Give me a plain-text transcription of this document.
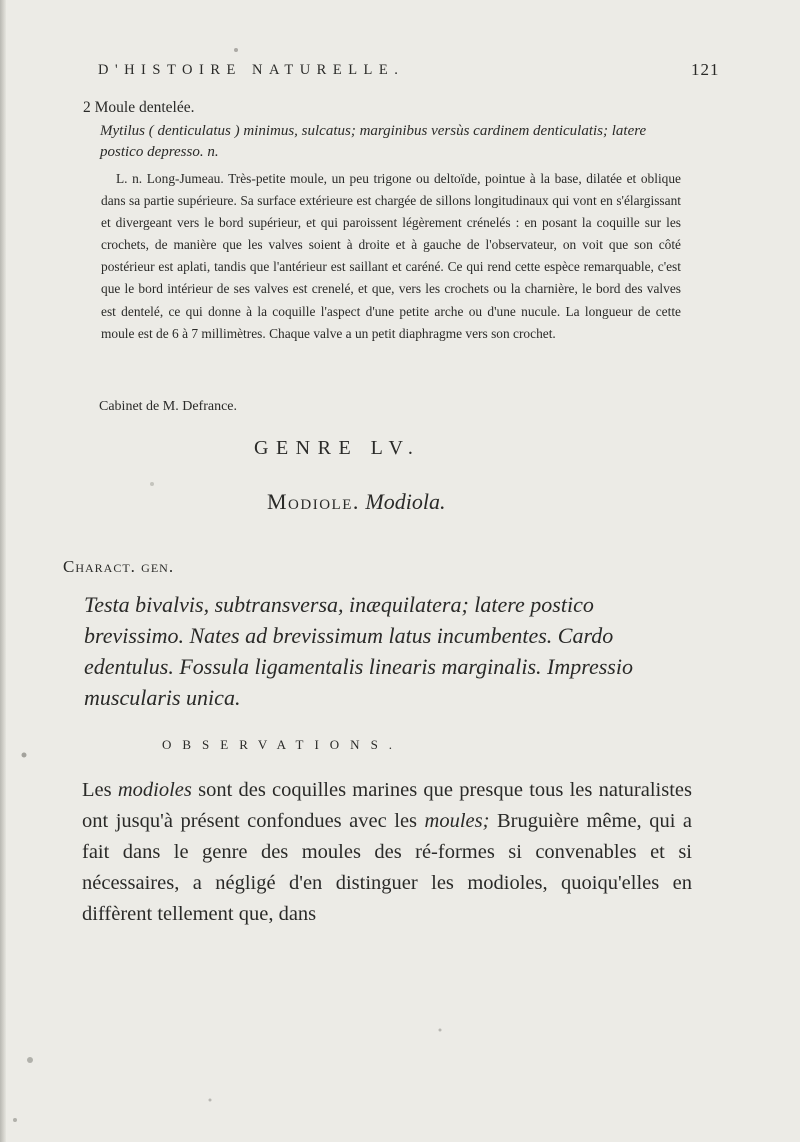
D'HISTOIRE NATURELLE.	121
2 Moule dentelée.
Mytilus ( denticulatus ) minimus, sulcatus; marginibus versùs cardinem denticulatis; latere postico depresso. n.

L. n. Long-Jumeau. Très-petite moule, un peu trigone ou deltoïde, pointue à la base, dilatée et oblique dans sa partie supérieure. Sa surface extérieure est chargée de sillons longitudinaux qui vont en s'élargissant et divergeant vers le bord supérieur, et qui paroissent légèrement crénelés : en posant la coquille sur les crochets, de manière que les valves soient à droite et à gauche de l'observateur, on voit que son côté postérieur est aplati, tandis que l'antérieur est saillant et caréné. Ce qui rend cette espèce remarquable, c'est que le bord intérieur de ses valves est crenelé, et que, vers les crochets ou la charnière, le bord des valves est dentelé, ce qui donne à la coquille l'aspect d'une petite arche ou d'une nucule. La longueur de cette moule est de 6 à 7 millimètres. Chaque valve a un petit diaphragme vers son crochet.

Cabinet de M. Defrance.
GENRE LV.
Modiole. Modiola.
Charact. gen.

Testa bivalvis, subtransversa, inæquilatera; latere postico brevissimo. Nates ad brevissimum latus incumbentes. Cardo edentulus. Fossula ligamentalis linearis marginalis. Impressio muscularis unica.

OBSERVATIONS.

Les modioles sont des coquilles marines que presque tous les naturalistes ont jusqu'à présent confondues avec les moules; Bruguière même, qui a fait dans le genre des moules des ré-formes si convenables et si nécessaires, a négligé d'en distinguer les modioles, quoiqu'elles en diffèrent tellement que, dans
